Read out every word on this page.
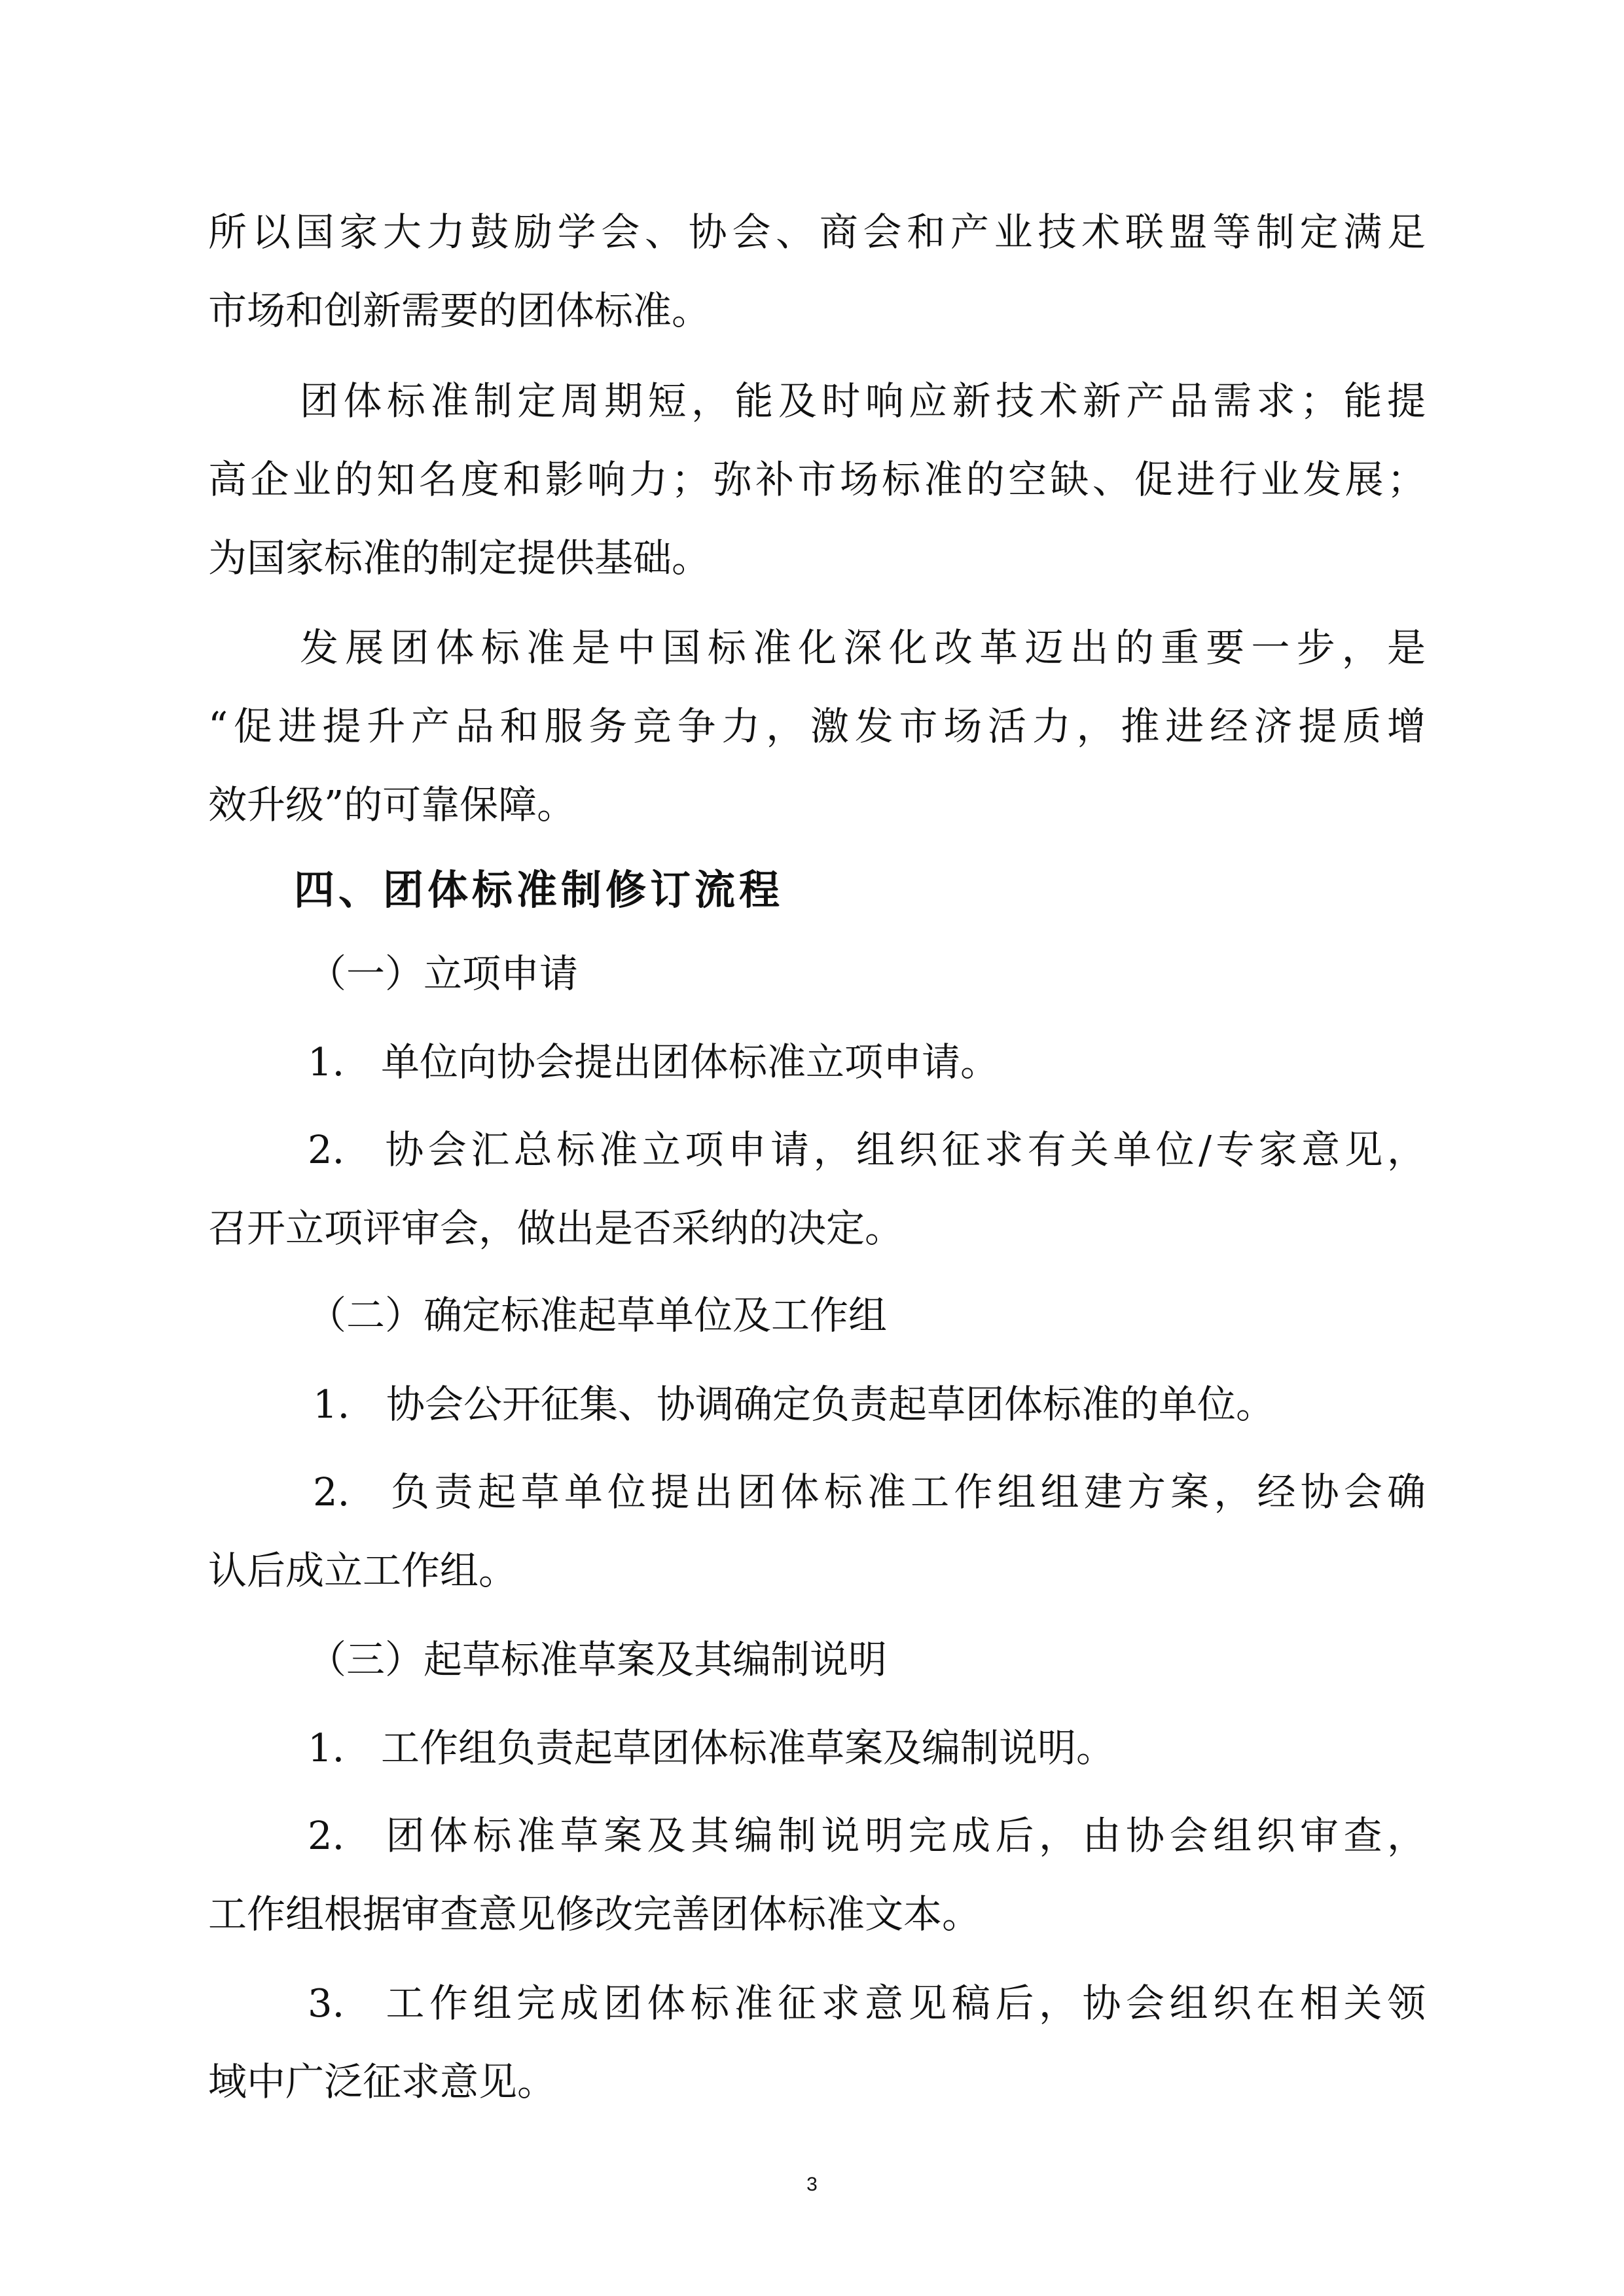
所以国家大力鼓励学会、协会、商会和产业技术联盟等制定满足

市场和创新需要的团体标准。

团体标准制定周期短，能及时响应新技术新产品需求；能提

高企业的知名度和影响力；弥补市场标准的空缺、促进行业发展；

为国家标准的制定提供基础。

发展团体标准是中国标准化深化改革迈出的重要一步，是

“促进提升产品和服务竞争力，激发市场活力，推进经济提质增

效升级”的可靠保障。

四、团体标准制修订流程

（一）立项申请

1. 单位向协会提出团体标准立项申请。

2. 协会汇总标准立项申请，组织征求有关单位/专家意见，

召开立项评审会，做出是否采纳的决定。

（二）确定标准起草单位及工作组

1. 协会公开征集、协调确定负责起草团体标准的单位。

2. 负责起草单位提出团体标准工作组组建方案，经协会确

认后成立工作组。

（三）起草标准草案及其编制说明

1. 工作组负责起草团体标准草案及编制说明。

2. 团体标准草案及其编制说明完成后，由协会组织审查，

工作组根据审查意见修改完善团体标准文本。

3. 工作组完成团体标准征求意见稿后，协会组织在相关领

域中广泛征求意见。

3
